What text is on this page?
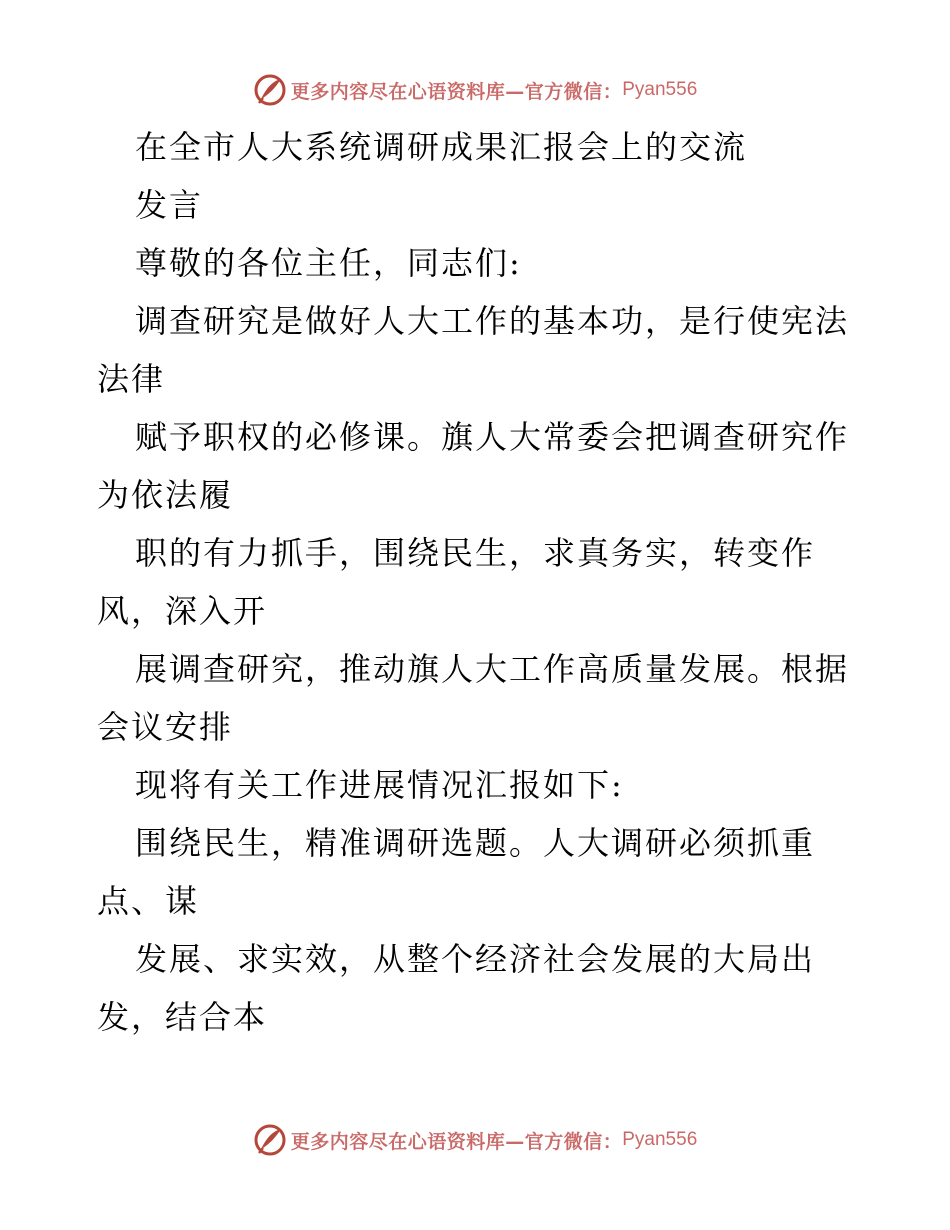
更多内容尽在心语资料库—官方微信： Pyan556
在全市人大系统调研成果汇报会上的交流
发言
尊敬的各位主任，同志们:
调查研究是做好人大工作的基本功，是行使宪法
法律
赋予职权的必修课。旗人大常委会把调查研究作
为依法履
职的有力抓手，围绕民生，求真务实，转变作
风，深入开
展调查研究，推动旗人大工作高质量发展。根据
会议安排
现将有关工作进展情况汇报如下:
围绕民生，精准调研选题。人大调研必须抓重
点、谋
发展、求实效，从整个经济社会发展的大局出
发，结合本
更多内容尽在心语资料库—官方微信： Pyan556
